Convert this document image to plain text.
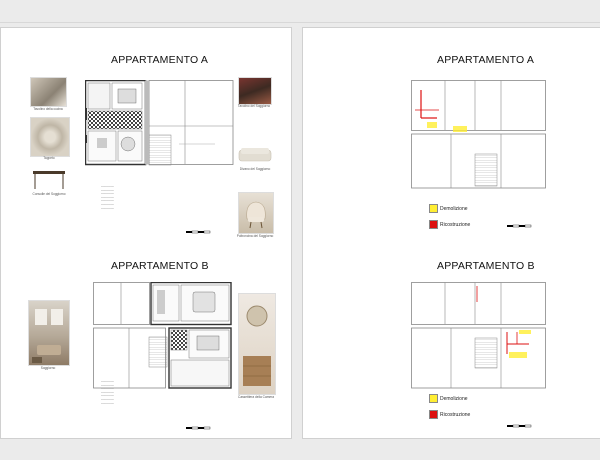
APPARTAMENTO A
Tavolino della cucina
Tappeto
Consolle del Soggiorno
Tavolino del Soggiorno
Divano del Soggiorno
Poltroncina del Soggiorno
───────
───────
───────
───────
───────
───────
───────
APPARTAMENTO B
Soggiorno
Cassettiera della Camera
───────
───────
───────
───────
───────
───────
───────
APPARTAMENTO A
Demolizione
Ricostruzione
APPARTAMENTO B
Demolizione
Ricostruzione
